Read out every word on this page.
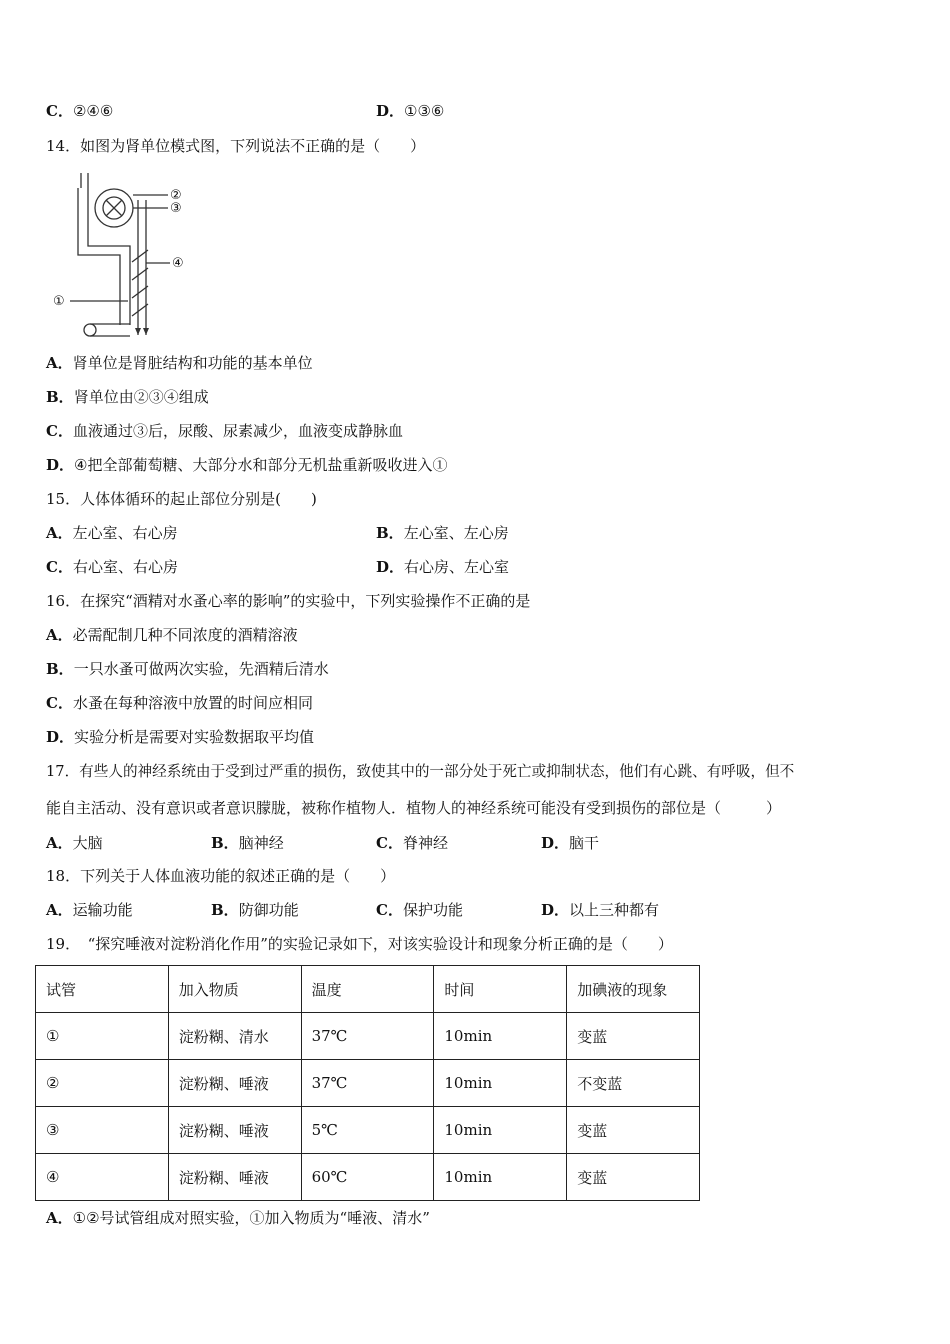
C．②④⑥	D．①③⑥
14．如图为肾单位模式图，下列说法不正确的是（　　）
②
③
④
①
A．肾单位是肾脏结构和功能的基本单位
B．肾单位由②③④组成
C．血液通过③后，尿酸、尿素减少，血液变成静脉血
D．④把全部葡萄糖、大部分水和部分无机盐重新吸收进入①
15．人体体循环的起止部位分别是(　　)
A．左心室、右心房	B．左心室、左心房
C．右心室、右心房	D．右心房、左心室
16．在探究“酒精对水蚤心率的影响”的实验中，下列实验操作不正确的是
A．必需配制几种不同浓度的酒精溶液
B．一只水蚤可做两次实验，先酒精后清水
C．水蚤在每种溶液中放置的时间应相同
D．实验分析是需要对实验数据取平均值
17．有些人的神经系统由于受到过严重的损伤，致使其中的一部分处于死亡或抑制状态，他们有心跳、有呼吸，但不
能自主活动、没有意识或者意识朦胧，被称作植物人．植物人的神经系统可能没有受到损伤的部位是（　　　）
A．大脑	B．脑神经	C．脊神经	D．脑干
18．下列关于人体血液功能的叙述正确的是（　　）
A．运输功能	B．防御功能	C．保护功能	D．以上三种都有
19．　“探究唾液对淀粉消化作用”的实验记录如下，对该实验设计和现象分析正确的是（　　）
试管	加入物质	温度	时间	加碘液的现象
①	淀粉糊、清水	37℃	10min	变蓝
②	淀粉糊、唾液	37℃	10min	不变蓝
③	淀粉糊、唾液	5℃	10min	变蓝
④	淀粉糊、唾液	60℃	10min	变蓝
A．①②号试管组成对照实验，①加入物质为“唾液、清水”
